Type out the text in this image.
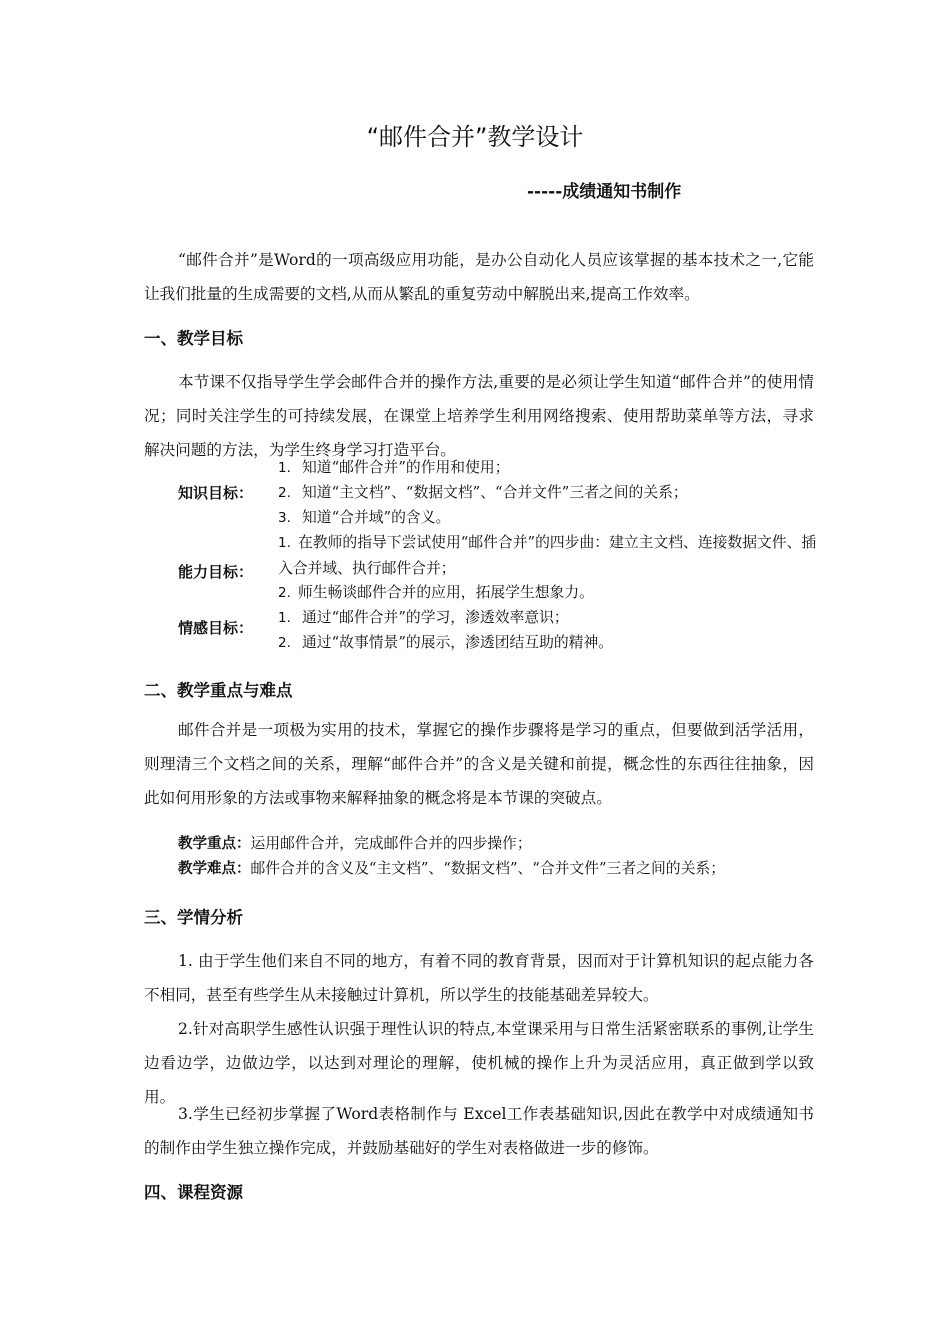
“邮件合并”教学设计
-----成绩通知书制作
“邮件合并”是Word的一项高级应用功能，是办公自动化人员应该掌握的基本技术之一,它能让我们批量的生成需要的文档,从而从繁乱的重复劳动中解脱出来,提高工作效率。
一、教学目标
本节课不仅指导学生学会邮件合并的操作方法,重要的是必须让学生知道“邮件合并”的使用情况；同时关注学生的可持续发展，在课堂上培养学生利用网络搜索、使用帮助菜单等方法，寻求解决问题的方法，为学生终身学习打造平台。
知识目标：
1. 知道“邮件合并”的作用和使用；
2. 知道“主文档”、“数据文档”、“合并文件”三者之间的关系；
3. 知道“合并域”的含义。
能力目标：
1. 在教师的指导下尝试使用“邮件合并”的四步曲：建立主文档、连接数据文件、插入合并域、执行邮件合并；
2. 师生畅谈邮件合并的应用，拓展学生想象力。
情感目标：
1. 通过“邮件合并”的学习，渗透效率意识；
2. 通过“故事情景”的展示，渗透团结互助的精神。
二、教学重点与难点
邮件合并是一项极为实用的技术，掌握它的操作步骤将是学习的重点，但要做到活学活用，则理清三个文档之间的关系，理解“邮件合并”的含义是关键和前提，概念性的东西往往抽象，因此如何用形象的方法或事物来解释抽象的概念将是本节课的突破点。
教学重点：运用邮件合并，完成邮件合并的四步操作；
教学难点：邮件合并的含义及“主文档”、“数据文档”、“合并文件”三者之间的关系；
三、学情分析
1. 由于学生他们来自不同的地方，有着不同的教育背景，因而对于计算机知识的起点能力各不相同，甚至有些学生从未接触过计算机，所以学生的技能基础差异较大。
2.针对高职学生感性认识强于理性认识的特点,本堂课采用与日常生活紧密联系的事例,让学生边看边学，边做边学，以达到对理论的理解，使机械的操作上升为灵活应用，真正做到学以致用。
3.学生已经初步掌握了Word表格制作与 Excel工作表基础知识,因此在教学中对成绩通知书的制作由学生独立操作完成，并鼓励基础好的学生对表格做进一步的修饰。
四、课程资源
